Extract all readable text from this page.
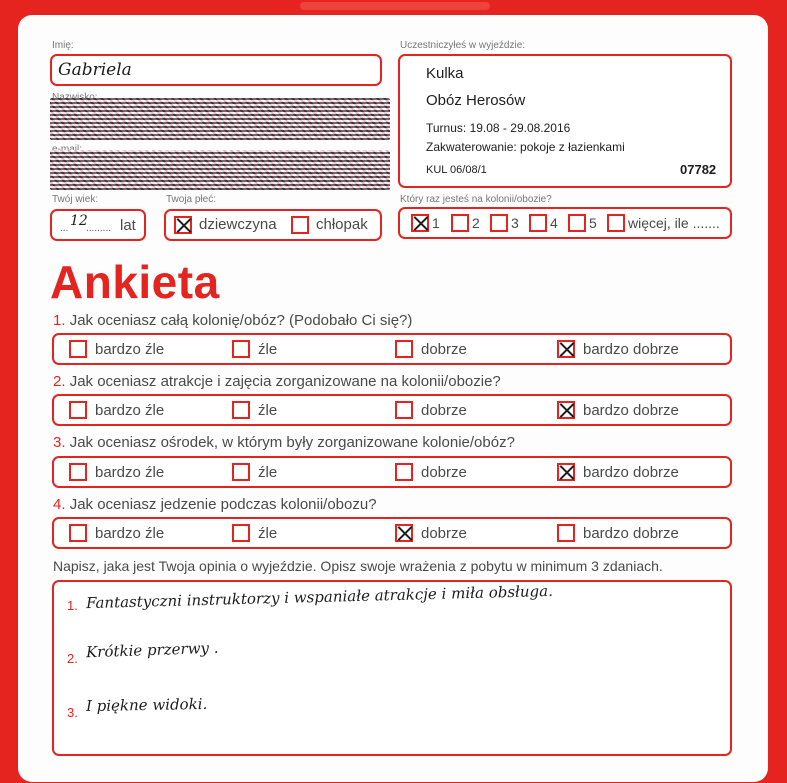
Imię:
Gabriela
Uczestniczyłeś w wyjeździe:
Kulka
Obóz Herosów
Turnus: 19.08 - 29.08.2016
Zakwaterowanie: pokoje z łazienkami
KUL 06/08/1	07782
Twój wiek:
... 12
......... lat
Twoja płeć:
dziewczyna	chłopak
Który raz jesteś na kolonii/obozie?
1 2 3 4 5 więcej, ile .......
Ankieta
1. Jak oceniasz całą kolonię/obóz? (Podobało Ci się?)
bardzo źle	źle	dobrze	bardzo dobrze
2. Jak oceniasz atrakcje i zajęcia zorganizowane na kolonii/obozie?
bardzo źle	źle	dobrze	bardzo dobrze
3. Jak oceniasz ośrodek, w którym były zorganizowane kolonie/obóz?
bardzo źle	źle	dobrze	bardzo dobrze
4. Jak oceniasz jedzenie podczas kolonii/obozu?
bardzo źle	źle	dobrze	bardzo dobrze
Napisz, jaka jest Twoja opinia o wyjeździe. Opisz swoje wrażenia z pobytu w minimum 3 zdaniach.
1. Fantastyczni instruktorzy i wspaniałe atrakcje i miła obsługa.
2. Krótkie przerwy .
3. I piękne widoki.
